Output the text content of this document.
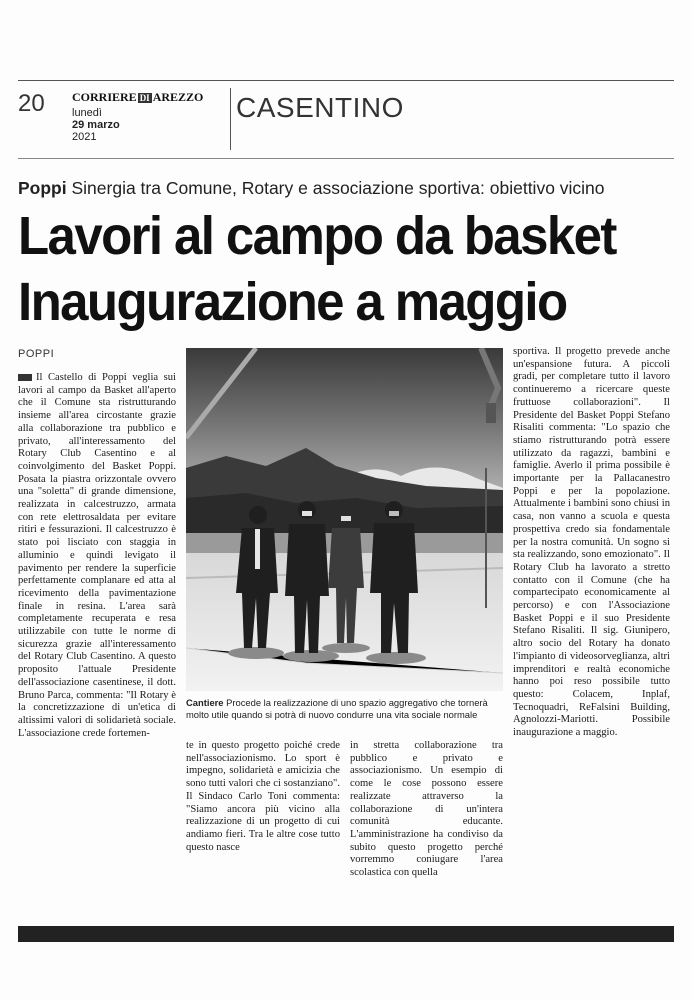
20 CORRIERE DI AREZZO
lunedì
29 marzo
2021
CASENTINO
Poppi Sinergia tra Comune, Rotary e associazione sportiva: obiettivo vicino
Lavori al campo da basket
Inaugurazione a maggio
POPPI
Il Castello di Poppi veglia sui lavori al campo da Basket all'aperto che il Comune sta ristrutturando insieme all'area circostante grazie alla collaborazione tra pubblico e privato, all'interessamento del Rotary Club Casentino e al coinvolgimento del Basket Poppi. Posata la piastra orizzontale ovvero una "soletta" di grande dimensione, realizzata in calcestruzzo, armata con rete elettrosaldata per evitare ritiri e fessurazioni. Il calcestruzzo è stato poi lisciato con staggia in alluminio e quindi levigato il pavimento per rendere la superficie perfettamente complanare ed atta al ricevimento della pavimentazione finale in resina. L'area sarà completamente recuperata e resa utilizzabile con tutte le norme di sicurezza grazie all'interessamento del Rotary Club Casentino. A questo proposito l'attuale Presidente dell'associazione casentinese, il dott. Bruno Parca, commenta: "Il Rotary è la concretizzazione di un'etica di altissimi valori di solidarietà sociale. L'associazione crede fortemen-
Cantiere Procede la realizzazione di uno spazio aggregativo che tornerà molto utile quando si potrà di nuovo condurre una vita sociale normale
te in questo progetto poiché crede nell'associazionismo. Lo sport è impegno, solidarietà e amicizia che sono tutti valori che ci sostanziano". Il Sindaco Carlo Toni commenta: "Siamo ancora più vicino alla realizzazione di un progetto di cui andiamo fieri. Tra le altre cose tutto questo nasce
in stretta collaborazione tra pubblico e privato e associazionismo. Un esempio di come le cose possono essere realizzate attraverso la collaborazione di un'intera comunità educante. L'amministrazione ha condiviso da subito questo progetto perché vorremmo coniugare l'area scolastica con quella
sportiva. Il progetto prevede anche un'espansione futura. A piccoli gradi, per completare tutto il lavoro continueremo a ricercare queste fruttuose collaborazioni". Il Presidente del Basket Poppi Stefano Risaliti commenta: "Lo spazio che stiamo ristrutturando potrà essere utilizzato da ragazzi, bambini e famiglie. Averlo il prima possibile è importante per la Pallacanestro Poppi e per la popolazione. Attualmente i bambini sono chiusi in casa, non vanno a scuola e questa prospettiva credo sia fondamentale per la nostra comunità. Un sogno si sta realizzando, sono emozionato". Il Rotary Club ha lavorato a stretto contatto con il Comune (che ha compartecipato economicamente al percorso) e con l'Associazione Basket Poppi e il suo Presidente Stefano Risaliti. Il sig. Giunipero, altro socio del Rotary ha donato l'impianto di videosorveglianza, altri imprenditori e realtà economiche hanno poi reso possibile tutto questo: Colacem, Inplaf, Tecnoquadri, ReFalsini Building, Agnolozzi-Mariotti. Possibile inaugurazione a maggio.
